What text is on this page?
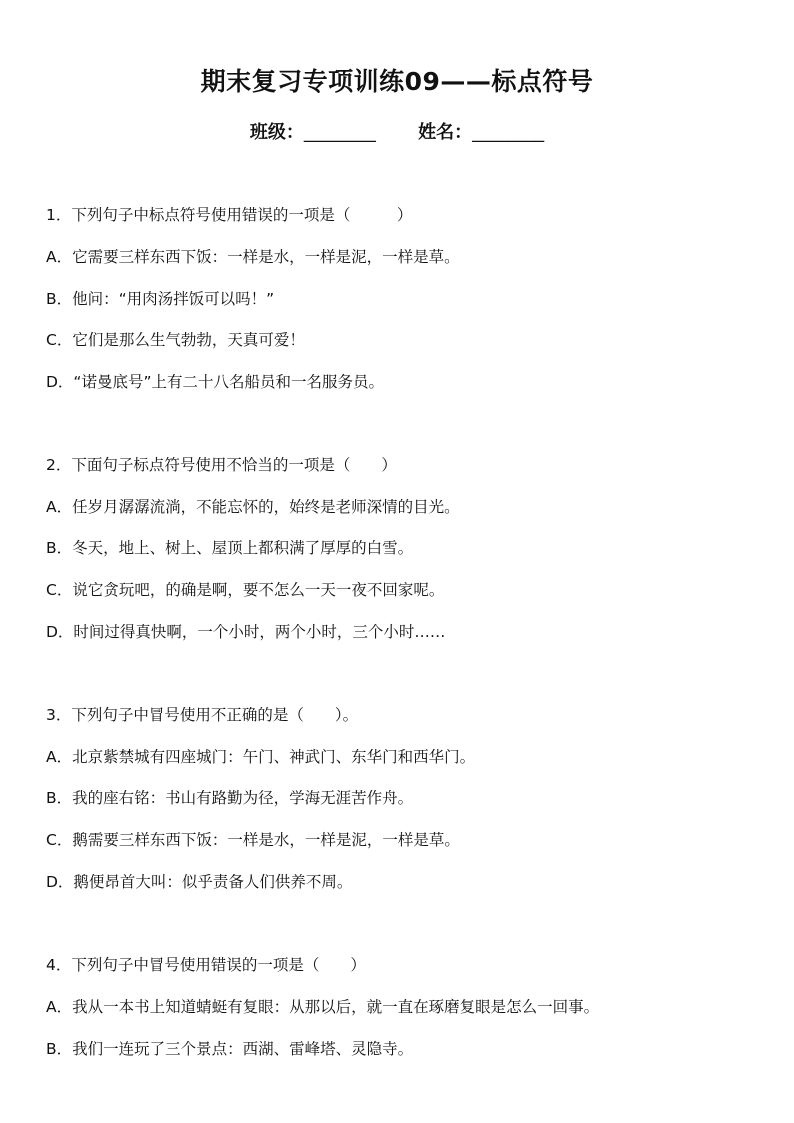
期末复习专项训练09——标点符号
班级：________ 姓名：________
1．下列句子中标点符号使用错误的一项是（　　　）
A．它需要三样东西下饭：一样是水，一样是泥，一样是草。
B．他问：“用肉汤拌饭可以吗！”
C．它们是那么生气勃勃，天真可爱！
D．“诺曼底号”上有二十八名船员和一名服务员。
2．下面句子标点符号使用不恰当的一项是（　　）
A．任岁月潺潺流淌，不能忘怀的，始终是老师深情的目光。
B．冬天，地上、树上、屋顶上都积满了厚厚的白雪。
C．说它贪玩吧，的确是啊，要不怎么一天一夜不回家呢。
D．时间过得真快啊，一个小时，两个小时，三个小时……
3．下列句子中冒号使用不正确的是（　　）。
A．北京紫禁城有四座城门：午门、神武门、东华门和西华门。
B．我的座右铭：书山有路勤为径，学海无涯苦作舟。
C．鹅需要三样东西下饭：一样是水，一样是泥，一样是草。
D．鹅便昂首大叫：似乎责备人们供养不周。
4．下列句子中冒号使用错误的一项是（　　）
A．我从一本书上知道蜻蜓有复眼：从那以后，就一直在琢磨复眼是怎么一回事。
B．我们一连玩了三个景点：西湖、雷峰塔、灵隐寺。
